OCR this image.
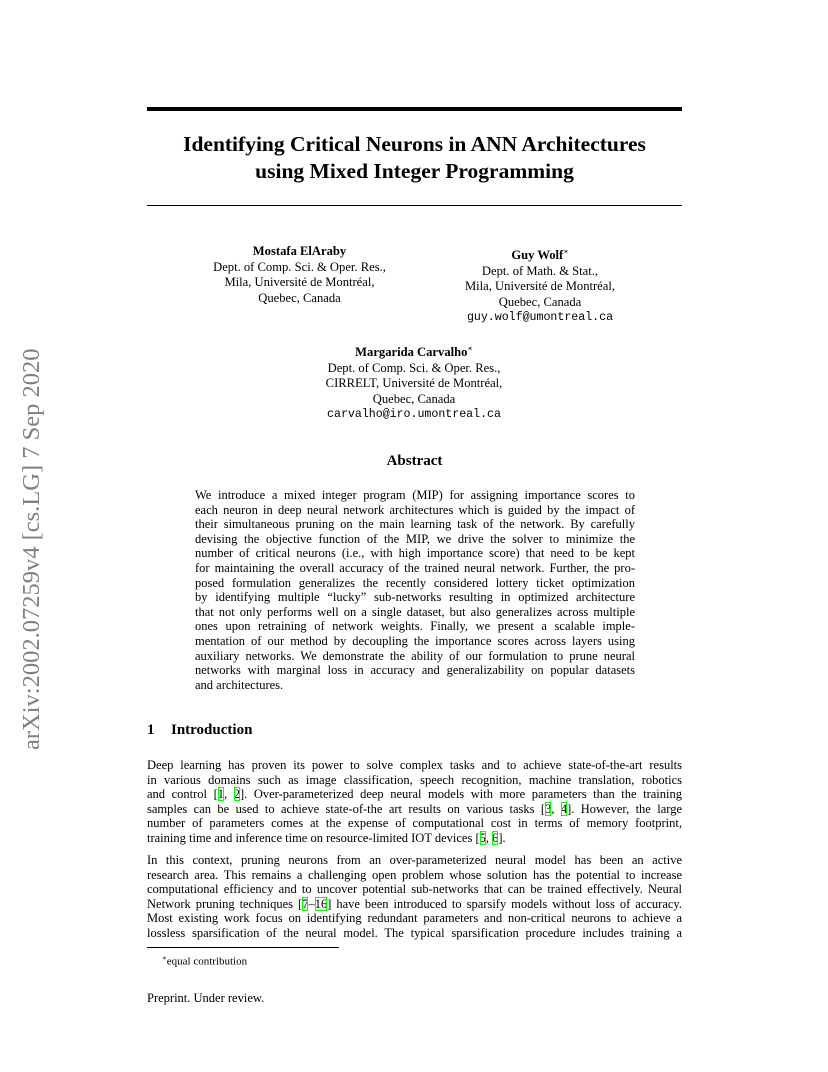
arXiv:2002.07259v4 [cs.LG] 7 Sep 2020
Identifying Critical Neurons in ANN Architectures
using Mixed Integer Programming
Mostafa ElAraby
Dept. of Comp. Sci. & Oper. Res.,
Mila, Université de Montréal,
Quebec, Canada
Guy Wolf∗
Dept. of Math. & Stat.,
Mila, Université de Montréal,
Quebec, Canada
guy.wolf@umontreal.ca
Margarida Carvalho∗
Dept. of Comp. Sci. & Oper. Res.,
CIRRELT, Université de Montréal,
Quebec, Canada
carvalho@iro.umontreal.ca
Abstract
We introduce a mixed integer program (MIP) for assigning importance scores to
each neuron in deep neural network architectures which is guided by the impact of
their simultaneous pruning on the main learning task of the network. By carefully
devising the objective function of the MIP, we drive the solver to minimize the
number of critical neurons (i.e., with high importance score) that need to be kept
for maintaining the overall accuracy of the trained neural network. Further, the pro-
posed formulation generalizes the recently considered lottery ticket optimization
by identifying multiple “lucky” sub-networks resulting in optimized architecture
that not only performs well on a single dataset, but also generalizes across multiple
ones upon retraining of network weights. Finally, we present a scalable imple-
mentation of our method by decoupling the importance scores across layers using
auxiliary networks. We demonstrate the ability of our formulation to prune neural
networks with marginal loss in accuracy and generalizability on popular datasets
and architectures.
1 Introduction
Deep learning has proven its power to solve complex tasks and to achieve state-of-the-art results
in various domains such as image classification, speech recognition, machine translation, robotics
and control [1, 2]. Over-parameterized deep neural models with more parameters than the training
samples can be used to achieve state-of-the art results on various tasks [3, 4]. However, the large
number of parameters comes at the expense of computational cost in terms of memory footprint,
training time and inference time on resource-limited IOT devices [5, 6].
In this context, pruning neurons from an over-parameterized neural model has been an active
research area. This remains a challenging open problem whose solution has the potential to increase
computational efficiency and to uncover potential sub-networks that can be trained effectively. Neural
Network pruning techniques [7–16] have been introduced to sparsify models without loss of accuracy.
Most existing work focus on identifying redundant parameters and non-critical neurons to achieve a
lossless sparsification of the neural model. The typical sparsification procedure includes training a
∗equal contribution
Preprint. Under review.
